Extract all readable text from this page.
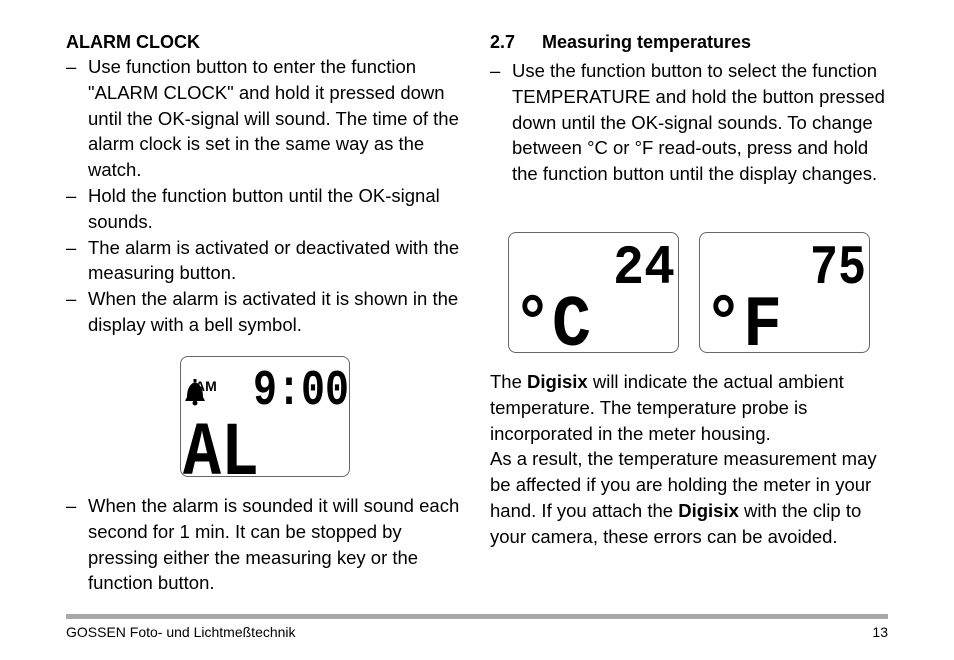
ALARM CLOCK

– Use function button to enter the function "ALARM CLOCK" and hold it pressed down until the OK-signal will sound. The time of the alarm clock is set in the same way as the watch.
– Hold the function button until the OK-signal sounds.
– The alarm is activated or deactivated with the measuring button.
– When the alarm is activated it is shown in the display with a bell symbol.
AM 9:00
AL
– When the alarm is sounded it will sound each second for 1 min. It can be stopped by pressing either the measuring key or the function button.

2.7 Measuring temperatures

– Use the function button to select the function TEMPERATURE and hold the button pressed down until the OK-signal sounds. To change between °C or °F read-outs, press and hold the function button until the display changes.
24
°C
75
°F

The Digisix will indicate the actual ambient temperature. The temperature probe is incorporated in the meter housing.

As a result, the temperature measurement may be affected if you are holding the meter in your hand. If you attach the Digisix with the clip to your camera, these errors can be avoided.

GOSSEN Foto- und Lichtmeßtechnik	13
